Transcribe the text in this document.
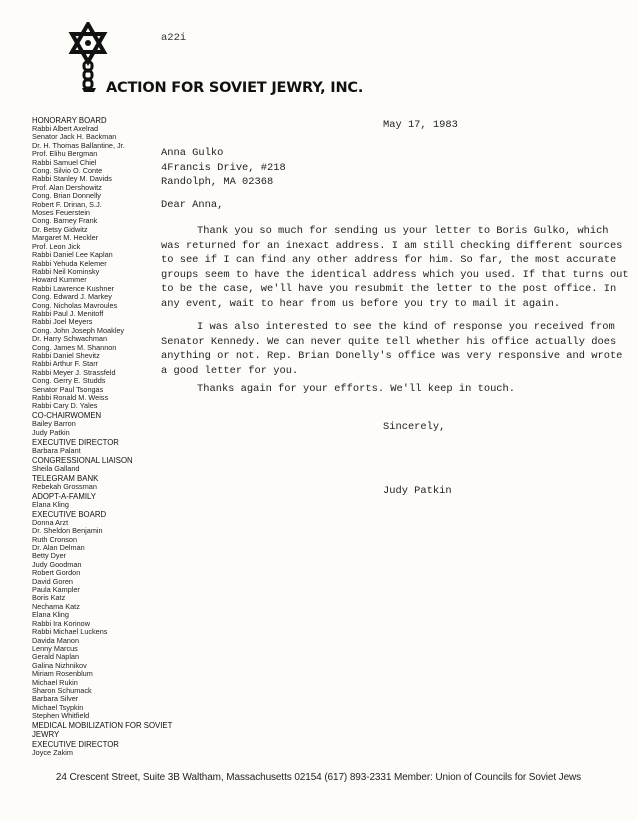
a22i
ACTION FOR SOVIET JEWRY, INC.
HONORARY BOARD
Rabbi Albert Axelrad
Senator Jack H. Backman
Dr. H. Thomas Ballantine, Jr.
Prof. Elihu Bergman
Rabbi Samuel Chiel
Cong. Silvio O. Conte
Rabbi Stanley M. Davids
Prof. Alan Dershowitz
Cong. Brian Donnelly
Robert F. Drinan, S.J.
Moses Feuerstein
Cong. Barney Frank
Dr. Betsy Gidwitz
Margaret M. Heckler
Prof. Leon Jick
Rabbi Daniel Lee Kaplan
Rabbi Yehuda Kelemer
Rabbi Neil Kominsky
Howard Kummer
Rabbi Lawrence Kushner
Cong. Edward J. Markey
Cong. Nicholas Mavroules
Rabbi Paul J. Menitoff
Rabbi Joel Meyers
Cong. John Joseph Moakley
Dr. Harry Schwachman
Cong. James M. Shannon
Rabbi Daniel Shevitz
Rabbi Arthur F. Starr
Rabbi Meyer J. Strassfeld
Cong. Gerry E. Studds
Senator Paul Tsongas
Rabbi Ronald M. Weiss
Rabbi Cary D. Yales
CO-CHAIRWOMEN
Bailey Barron
Judy Patkin
EXECUTIVE DIRECTOR
Barbara Palant
CONGRESSIONAL LIAISON
Sheila Galland
TELEGRAM BANK
Rebekah Grossman
ADOPT-A-FAMILY
Elana Kling
EXECUTIVE BOARD
Donna Arzt
Dr. Sheldon Benjamin
Ruth Cronson
Dr. Alan Delman
Betty Dyer
Judy Goodman
Robert Gordon
David Goren
Paula Kampler
Boris Katz
Nechama Katz
Elana Kling
Rabbi Ira Korinow
Rabbi Michael Luckens
Davida Manon
Lenny Marcus
Gerald Naplan
Galina Nizhnikov
Miriam Rosenblum
Michael Rukin
Sharon Schumack
Barbara Silver
Michael Tsypkin
Stephen Whitfield
MEDICAL MOBILIZATION FOR SOVIET JEWRY
EXECUTIVE DIRECTOR
Joyce Zakim
May 17, 1983
Anna Gulko
4Francis Drive, #218
Randolph, MA 02368
Dear Anna,

Thank you so much for sending us your letter to Boris Gulko, which was returned for an inexact address. I am still checking different sources to see if I can find any other address for him. So far, the most accurate groups seem to have the identical address which you used. If that turns out to be the case, we'll have you resubmit the letter to the post office. In any event, wait to hear from us before you try to mail it again.

I was also interested to see the kind of response you received from Senator Kennedy. We can never quite tell whether his office actually does anything or not. Rep. Brian Donelly's office was very responsive and wrote a good letter for you.

Thanks again for your efforts. We'll keep in touch.

Sincerely,
Judy Patkin
24 Crescent Street, Suite 3B Waltham, Massachusetts 02154 (617) 893-2331 Member: Union of Councils for Soviet Jews
